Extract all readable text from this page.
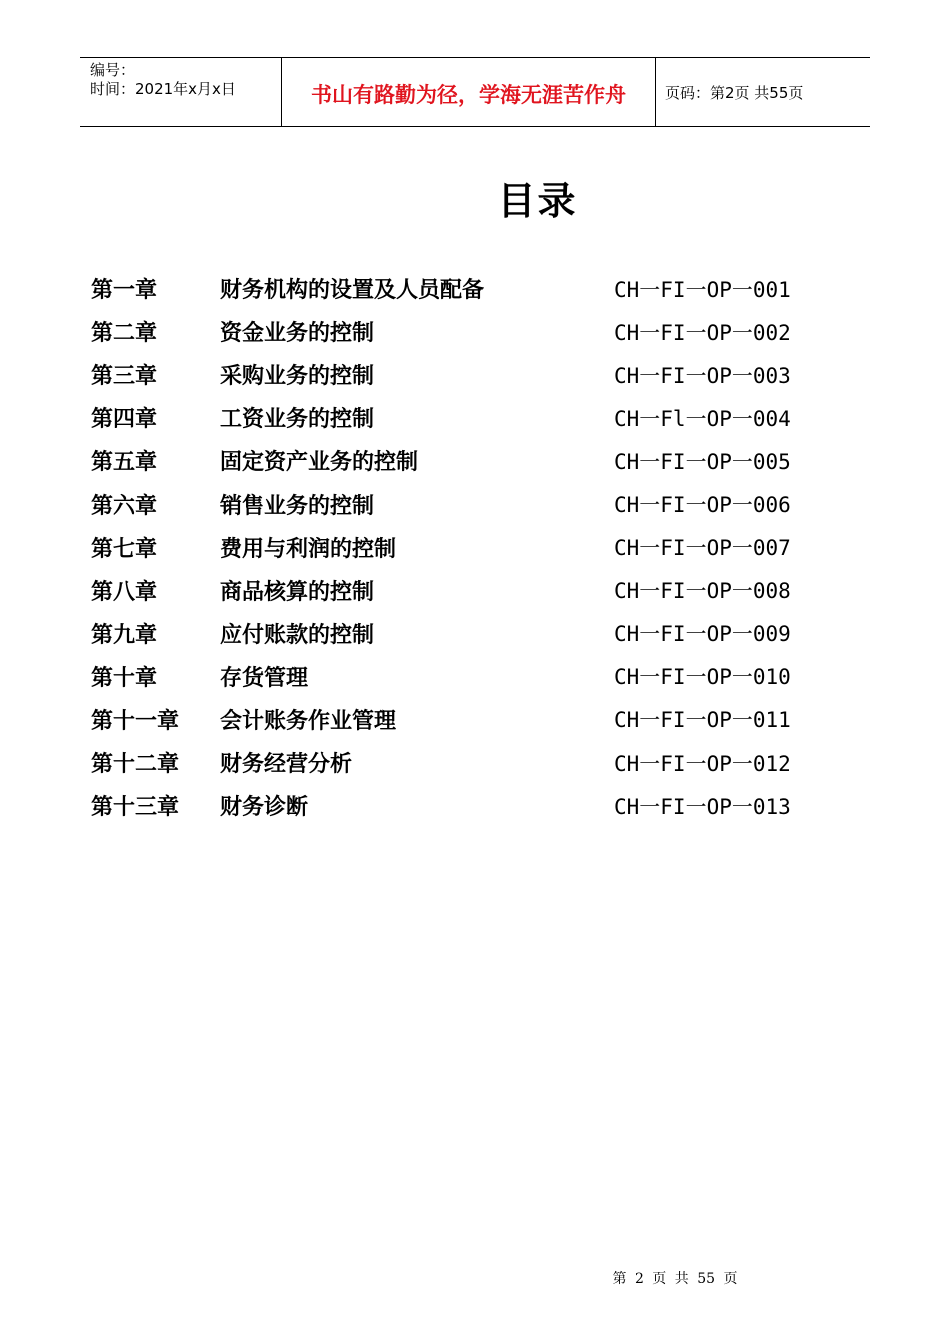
编号：
时间：2021年x月x日	书山有路勤为径，学海无涯苦作舟	页码：第2页 共55页
目录
第一章	财务机构的设置及人员配备	CH一FI一OP一001
第二章	资金业务的控制	CH一FI一OP一002
第三章	采购业务的控制	CH一FI一OP一003
第四章	工资业务的控制	CH一Fl一OP一004
第五章	固定资产业务的控制	CH一FI一OP一005
第六章	销售业务的控制	CH一FI一OP一006
第七章	费用与利润的控制	CH一FI一OP一007
第八章	商品核算的控制	CH一FI一OP一008
第九章	应付账款的控制	CH一FI一OP一009
第十章	存货管理	CH一FI一OP一010
第十一章	会计账务作业管理	CH一FI一OP一011
第十二章	财务经营分析	CH一FI一OP一012
第十三章	财务诊断	CH一FI一OP一013
第 2 页 共 55 页
